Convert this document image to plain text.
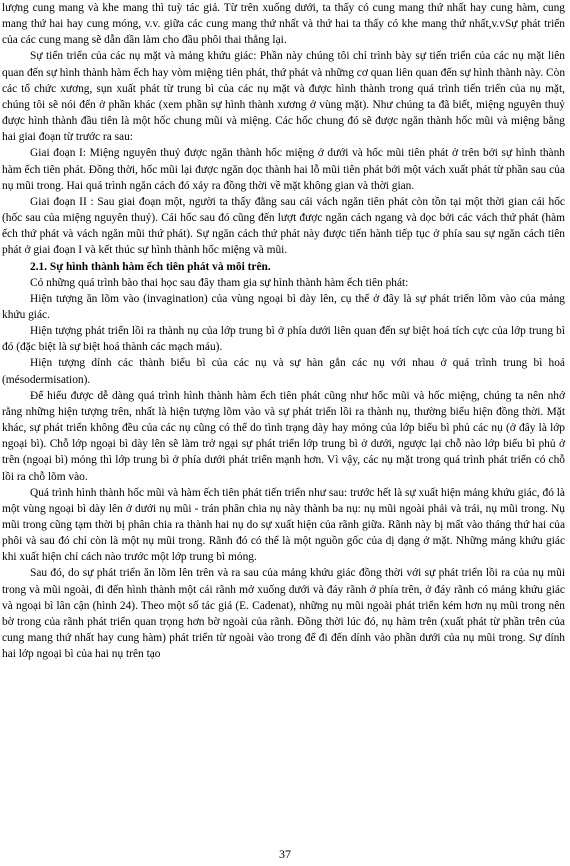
lượng cung mang và khe mang thì tuỳ tác giả. Từ trên xuống dưới, ta thấy có cung mang thứ nhất hay cung hàm, cung mang thứ hai hay cung móng, v.v. giữa các cung mang thứ nhất và thứ hai ta thấy có khe mang thứ nhất,v.vSự phát triển của các cung mang sẽ dẫn dần làm cho đầu phôi thai thẳng lại.

Sự tiến triển của các nụ mặt và mảng khứu giác: Phần này chúng tôi chỉ trình bày sự tiến triển của các nụ mặt liên quan đến sự hình thành hàm ếch hay vòm miệng tiên phát, thứ phát và những cơ quan liên quan đến sự hình thành này. Còn các tổ chức xương, sụn xuất phát từ trung bì của các nụ mặt và được hình thành trong quá trình tiến triển của nụ mặt, chúng tôi sẽ nói đến ở phần khác (xem phần sự hình thành xương ở vùng mặt). Như chúng ta đã biết, miệng nguyên thuỷ được hình thành đầu tiên là một hốc chung mũi và miệng. Các hốc chung đó sẽ được ngăn thành hốc mũi và miệng bằng hai giai đoạn từ trước ra sau:

Giai đoạn I: Miệng nguyên thuỷ được ngăn thành hốc miệng ở dưới và hốc mũi tiên phát ở trên bởi sự hình thành hàm ếch tiên phát. Đồng thời, hốc mũi lại được ngăn dọc thành hai lỗ mũi tiên phát bởi một vách xuất phát từ phần sau của nụ mũi trong. Hai quá trình ngăn cách đó xảy ra đồng thời về mặt không gian và thời gian.

Giai đoạn II : Sau giai đoạn một, người ta thấy đằng sau cái vách ngăn tiên phát còn tồn tại một thời gian cái hốc (hốc sau của miệng nguyên thuỷ). Cái hốc sau đó cũng đến lượt được ngăn cách ngang và dọc bởi các vách thứ phát (hàm ếch thứ phát và vách ngăn mũi thứ phát). Sự ngăn cách thứ phát này được tiến hành tiếp tục ở phía sau sự ngăn cách tiên phát ở giai đoạn I và kết thúc sự hình thành hốc miệng và mũi.

2.1. Sự hình thành hàm ếch tiên phát và môi trên.

Có những quá trình bào thai học sau đây tham gia sự hình thành hàm ếch tiên phát:

Hiện tượng ăn lõm vào (invagination) của vùng ngoại bì dày lên, cụ thể ở đây là sự phát triển lõm vào của mảng khứu giác.

Hiện tượng phát triển lồi ra thành nụ của lớp trung bì ở phía dưới liên quan đến sự biệt hoá tích cực của lớp trung bì đó (đặc biệt là sự biệt hoá thành các mạch máu).

Hiện tượng dính các thành biểu bì của các nụ và sự hàn gắn các nụ với nhau ở quá trình trung bì hoá (mésodermisation).

Để hiểu được dễ dàng quá trình hình thành hàm ếch tiên phát cũng như hốc mũi và hốc miệng, chúng ta nên nhớ rằng những hiện tượng trên, nhất là hiện tượng lõm vào và sự phát triển lồi ra thành nụ, thường biểu hiện đồng thời. Mặt khác, sự phát triển không đều của các nụ cũng có thể do tình trạng dày hay mỏng của lớp biểu bì phủ các nụ (ở đây là lớp ngoại bì). Chỗ lớp ngoại bì dày lên sẽ làm trở ngại sự phát triển lớp trung bì ở dưới, ngược lại chỗ nào lớp biểu bì phủ ở trên (ngoại bì) mỏng thì lớp trung bì ở phía dưới phát triển mạnh hơn. Vì vậy, các nụ mặt trong quá trình phát triển có chỗ lồi ra chỗ lõm vào.

Quá trình hình thành hốc mũi và hàm ếch tiên phát tiến triển như sau: trước hết là sự xuất hiện mảng khứu giác, đó là một vùng ngoại bì dày lên ở dưới nụ mũi - trán phân chia nụ này thành ba nụ: nụ mũi ngoài phải và trái, nụ mũi trong. Nụ mũi trong cũng tạm thời bị phân chia ra thành hai nụ do sự xuất hiện của rãnh giữa. Rãnh này bị mất vào tháng thứ hai của phôi và sau đó chỉ còn là một nụ mũi trong. Rãnh đó có thể là một nguồn gốc của dị dạng ở mặt. Những mảng khứu giác khi xuất hiện chỉ cách nào trước một lớp trung bì mỏng.

Sau đó, do sự phát triển ăn lõm lên trên và ra sau của mảng khứu giác đồng thời với sự phát triển lồi ra của nụ mũi trong và mũi ngoài, đi đến hình thành một cái rãnh mở xuống dưới và đáy rãnh ở phía trên, ở đáy rãnh có mảng khứu giác và ngoại bì lân cận (hình 24). Theo một số tác giả (E. Cadenat), những nụ mũi ngoài phát triển kém hơn nụ mũi trong nên bờ trong của rãnh phát triển quan trọng hơn bờ ngoài của rãnh. Đồng thời lúc đó, nụ hàm trên (xuất phát từ phần trên của cung mang thứ nhất hay cung hàm) phát triển từ ngoài vào trong để đi đến dính vào phần dưới của nụ mũi trong. Sự dính hai lớp ngoại bì của hai nụ trên tạo

37
